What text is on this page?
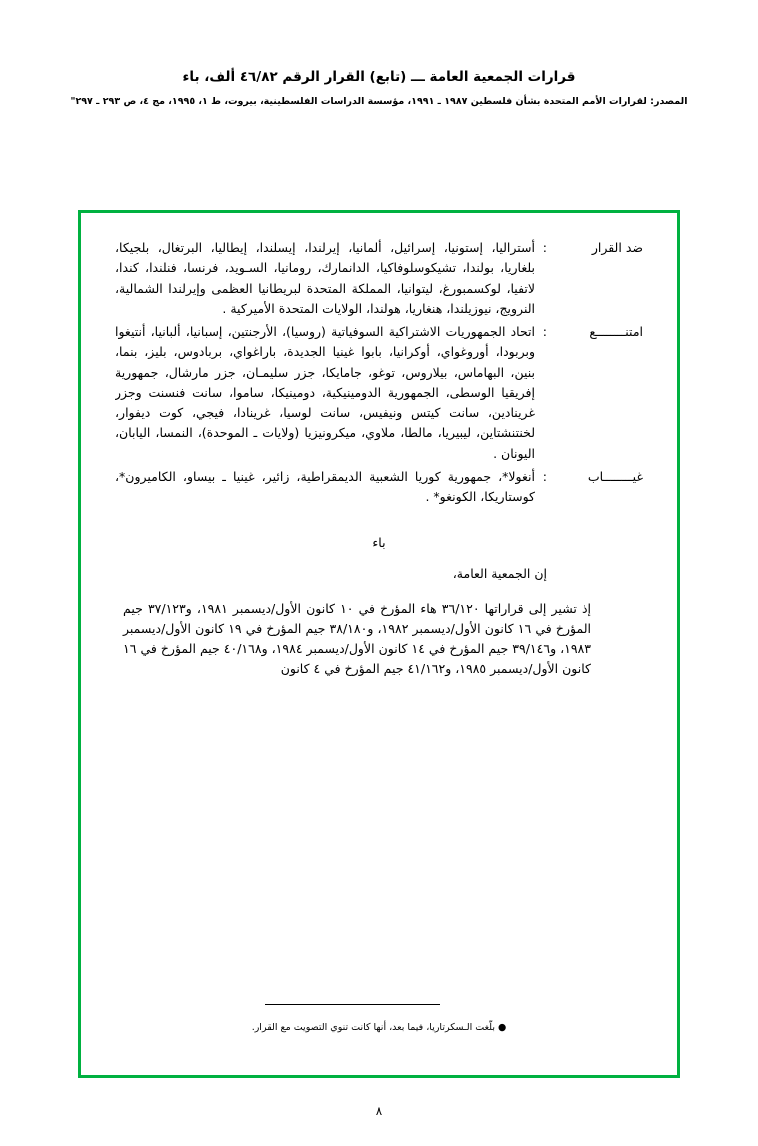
قرارات الجمعية العامة ـــ (تابع) القرار الرقم ٤٦/٨٢ ألف، باء
المصدر: لقرارات الأمم المتحدة بشأن فلسطين ١٩٨٧ ـ ١٩٩١، مؤسسة الدراسات الفلسطينية، بيروت، ط ١، ١٩٩٥، مج ٤، ص ٢٩٣ ـ ٢٩٧"
ضد القرار
:
أستراليا، إستونيا، إسرائيل، ألمانيا، إيرلندا، إيسلندا، إيطاليا، البرتغال، بلجيكا، بلغاريا، بولندا، تشيكوسلوفاكيا، الدانمارك، رومانيا، السـويد، فرنسا، فنلندا، كندا، لاتفيا، لوكسمبورغ، ليتوانيا، المملكة المتحدة لبريطانيا العظمى وإيرلندا الشمالية، النرويج، نيوزيلندا، هنغاريا، هولندا، الولايات المتحدة الأميركية .
امتنــــــــع
:
اتحاد الجمهوريات الاشتراكية السوفياتية (روسيا)، الأرجنتين، إسبانيا، ألبانيا، أنتيغوا وبربودا، أوروغواي، أوكرانيا، بابوا غينيا الجديدة، باراغواي، بربادوس، بليز، بنما، بنين، البهاماس، بيلاروس، توغو، جامايكا، جزر سليمـان، جزر مارشال، جمهورية إفريقيا الوسطى، الجمهورية الدومينيكية، دومينيكا، ساموا، سانت فنسنت وجزر غرينادين، سانت كيتس ونيفيس، سانت لوسيا، غرينادا، فيجي، كوت ديفوار، لخنتنشتاين، ليبيريا، مالطا، ملاوي، ميكرونيزيا (ولايات ـ الموحدة)، النمسا، اليابان، اليونان .
غيــــــــاب
:
أنغولا*، جمهورية كوريا الشعبية الديمقراطية، زائير، غينيا ـ بيساو، الكاميرون*، كوستاريكا، الكونغو* .
باء
إن الجمعية العامة،
إذ تشير إلى قراراتها ٣٦/١٢٠ هاء المؤرخ في ١٠ كانون الأول/ديسمبر ١٩٨١، و٣٧/١٢٣ جيم المؤرخ في ١٦ كانون الأول/ديسمبر ١٩٨٢، و٣٨/١٨٠ جيم المؤرخ في ١٩ كانون الأول/ديسمبر ١٩٨٣، و٣٩/١٤٦ جيم المؤرخ في ١٤ كانون الأول/ديسمبر ١٩٨٤، و٤٠/١٦٨ جيم المؤرخ في ١٦ كانون الأول/ديسمبر ١٩٨٥، و٤١/١٦٢ جيم المؤرخ في ٤ كانون
● بلّغت الـسكرتاريا، فيما بعد، أنها كانت تنوي التصويت مع القرار.
٨
